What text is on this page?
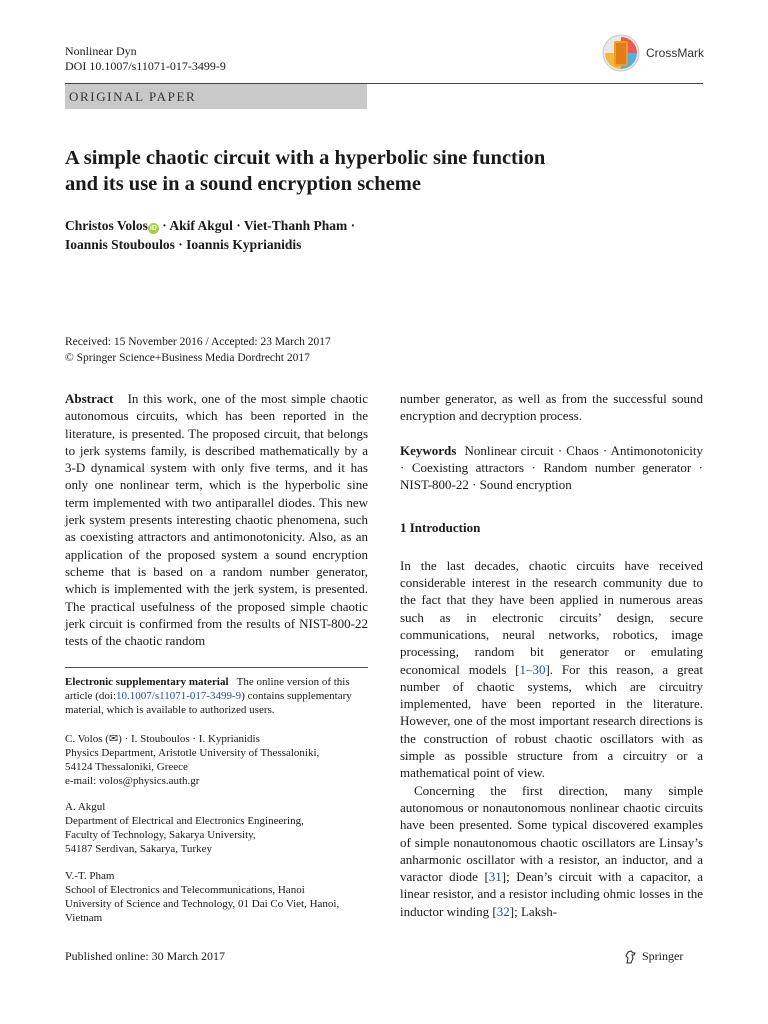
Nonlinear Dyn
DOI 10.1007/s11071-017-3499-9
CrossMark
ORIGINAL PAPER
A simple chaotic circuit with a hyperbolic sine function
and its use in a sound encryption scheme
Christos Volos iD · Akif Akgul · Viet-Thanh Pham ·
Ioannis Stouboulos · Ioannis Kyprianidis
Received: 15 November 2016 / Accepted: 23 March 2017
© Springer Science+Business Media Dordrecht 2017

Abstract In this work, one of the most simple chaotic autonomous circuits, which has been reported in the literature, is presented. The proposed circuit, that belongs to jerk systems family, is described mathematically by a 3-D dynamical system with only five terms, and it has only one nonlinear term, which is the hyperbolic sine term implemented with two antiparallel diodes. This new jerk system presents interesting chaotic phenomena, such as coexisting attractors and antimonotonicity. Also, as an application of the proposed system a sound encryption scheme that is based on a random number generator, which is implemented with the jerk system, is presented. The practical usefulness of the proposed simple chaotic jerk circuit is confirmed from the results of NIST-800-22 tests of the chaotic random

Electronic supplementary material The online version of this article (doi:10.1007/s11071-017-3499-9) contains supplementary material, which is available to authorized users.
C. Volos (✉) · I. Stouboulos · I. Kyprianidis
Physics Department, Aristotle University of Thessaloniki,
54124 Thessaloniki, Greece
e-mail: volos@physics.auth.gr
A. Akgul
Department of Electrical and Electronics Engineering,
Faculty of Technology, Sakarya University,
54187 Serdivan, Sakarya, Turkey
V.-T. Pham
School of Electronics and Telecommunications, Hanoi
University of Science and Technology, 01 Dai Co Viet, Hanoi,
Vietnam

number generator, as well as from the successful sound encryption and decryption process.

Keywords Nonlinear circuit · Chaos · Antimonotonicity · Coexisting attractors · Random number generator · NIST-800-22 · Sound encryption

1 Introduction

In the last decades, chaotic circuits have received considerable interest in the research community due to the fact that they have been applied in numerous areas such as in electronic circuits’ design, secure communications, neural networks, robotics, image processing, random bit generator or emulating economical models [1–30]. For this reason, a great number of chaotic systems, which are circuitry implemented, have been reported in the literature. However, one of the most important research directions is the construction of robust chaotic oscillators with as simple as possible structure from a circuitry or a mathematical point of view.

Concerning the first direction, many simple autonomous or nonautonomous nonlinear chaotic circuits have been presented. Some typical discovered examples of simple nonautonomous chaotic oscillators are Linsay’s anharmonic oscillator with a resistor, an inductor, and a varactor diode [31]; Dean’s circuit with a capacitor, a linear resistor, and a resistor including ohmic losses in the inductor winding [32]; Laksh-

Published online: 30 March 2017	Springer
